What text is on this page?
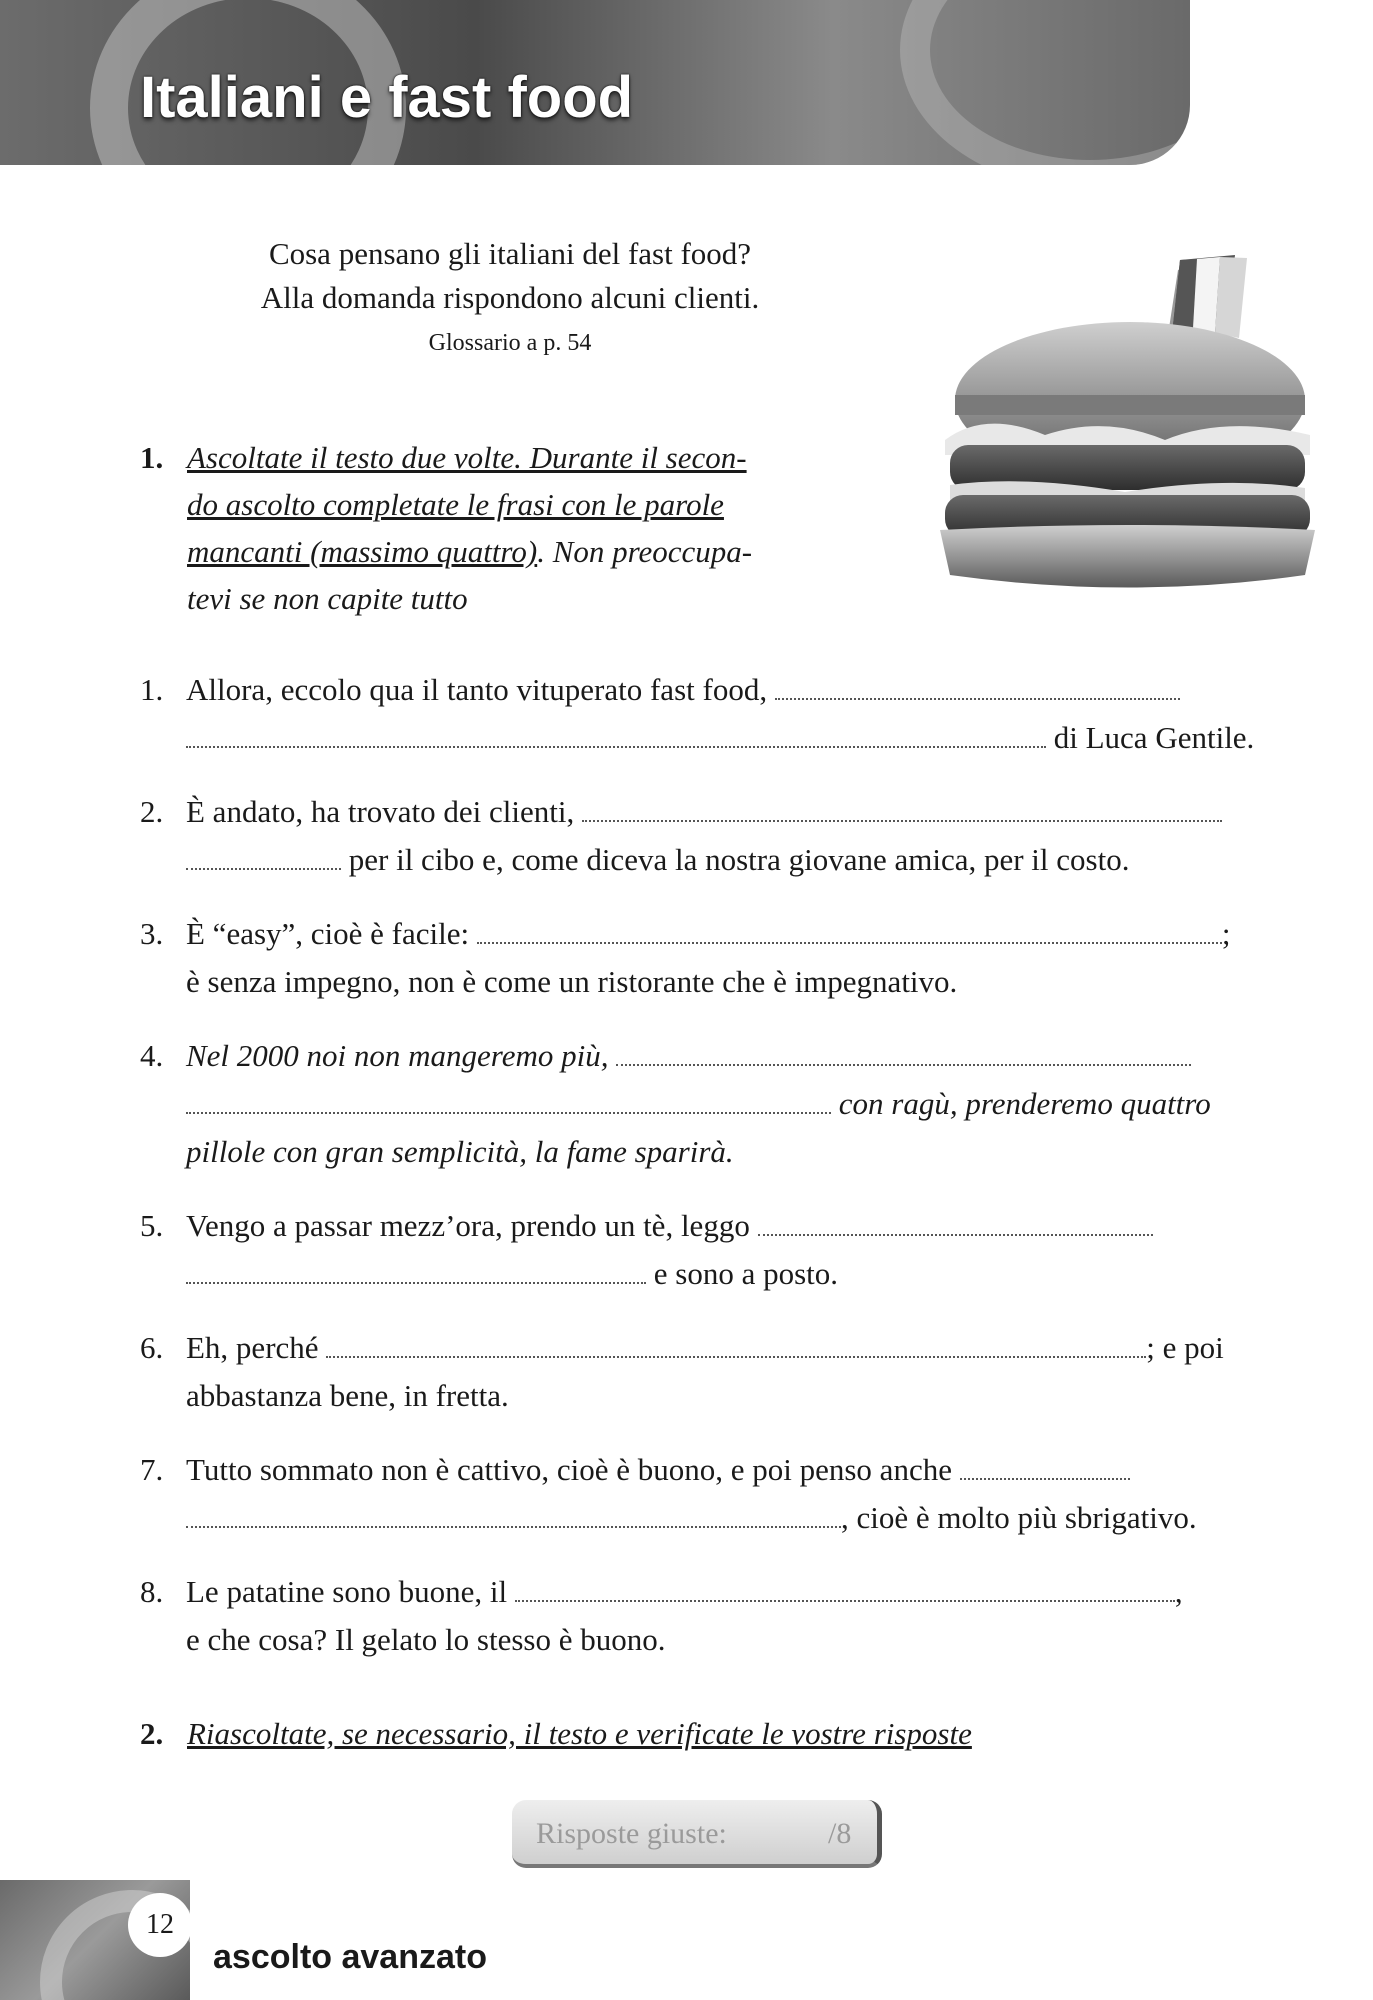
Italiani e fast food
Cosa pensano gli italiani del fast food?
Alla domanda rispondono alcuni clienti.
Glossario a p. 54
1. Ascoltate il testo due volte. Durante il secon-
do ascolto completate le frasi con le parole
mancanti (massimo quattro). Non preoccupa-
tevi se non capite tutto
1. Allora, eccolo qua il tanto vituperato fast food,
di Luca Gentile.
2. È andato, ha trovato dei clienti,
per il cibo e, come diceva la nostra giovane amica, per il costo.
3. È “easy”, cioè è facile:	;
è senza impegno, non è come un ristorante che è impegnativo.
4. Nel 2000 noi non mangeremo più,
con ragù, prenderemo quattro
pillole con gran semplicità, la fame sparirà.
5. Vengo a passar mezz’ora, prendo un tè, leggo
e sono a posto.
6. Eh, perché	; e poi
abbastanza bene, in fretta.
7. Tutto sommato non è cattivo, cioè è buono, e poi penso anche
, cioè è molto più sbrigativo.
8. Le patatine sono buone, il	,
e che cosa? Il gelato lo stesso è buono.
2. Riascoltate, se necessario, il testo e verificate le vostre risposte
Risposte giuste:	/8
12
ascolto avanzato
